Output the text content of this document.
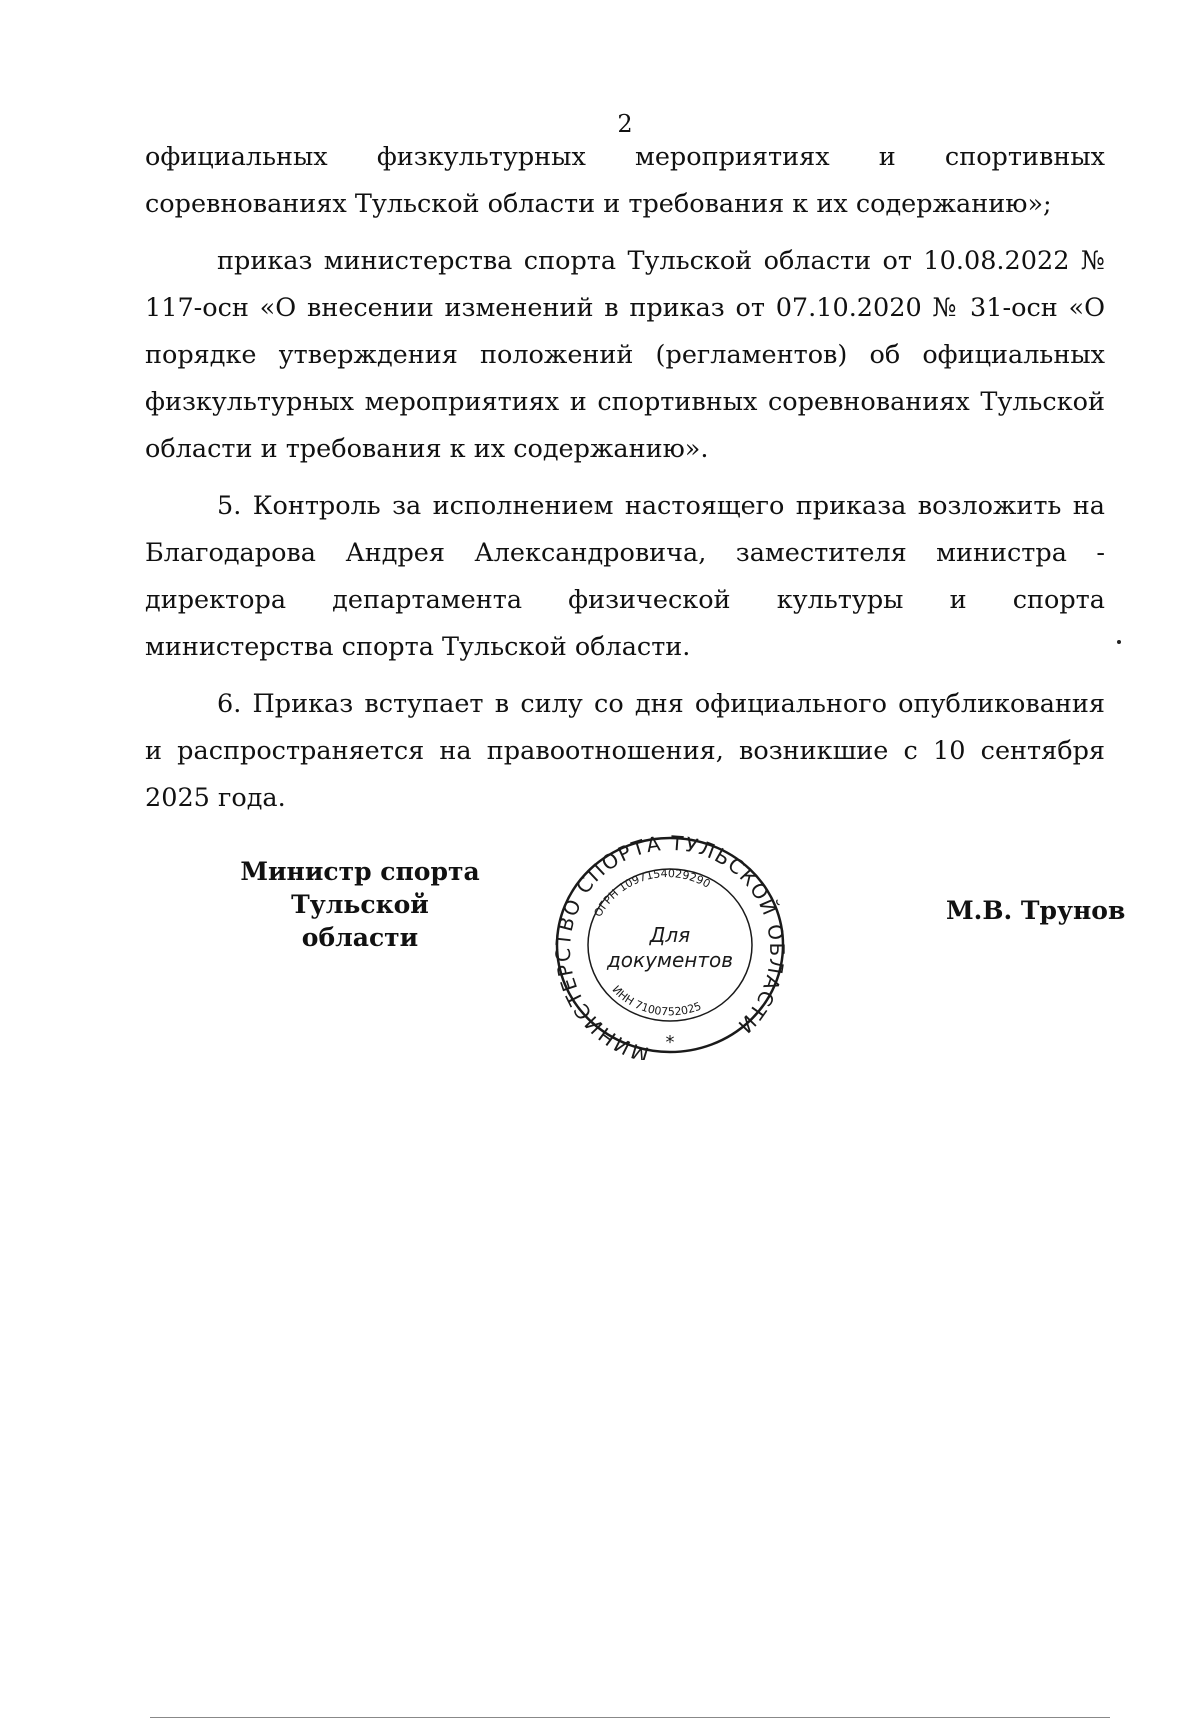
2

официальных физкультурных мероприятиях и спортивных соревнованиях Тульской области и требования к их содержанию»;

приказ министерства спорта Тульской области от 10.08.2022 № 117-осн «О внесении изменений в приказ от 07.10.2020 № 31-осн «О порядке утверждения положений (регламентов) об официальных физкультурных мероприятиях и спортивных соревнованиях Тульской области и требования к их содержанию».

5. Контроль за исполнением настоящего приказа возложить на Благодарова Андрея Александровича, заместителя министра - директора департамента физической культуры и спорта министерства спорта Тульской области.

6. Приказ вступает в силу со дня официального опубликования и распространяется на правоотношения, возникшие с 10 сентября 2025 года.

Министр спорта
Тульской области
МИНИСТЕРСТВО СПОРТА ТУЛЬСКОЙ ОБЛАСТИ
ОГРН 1097154029290
ИНН 7100752025
Для
документов
*
М.В. Трунов
